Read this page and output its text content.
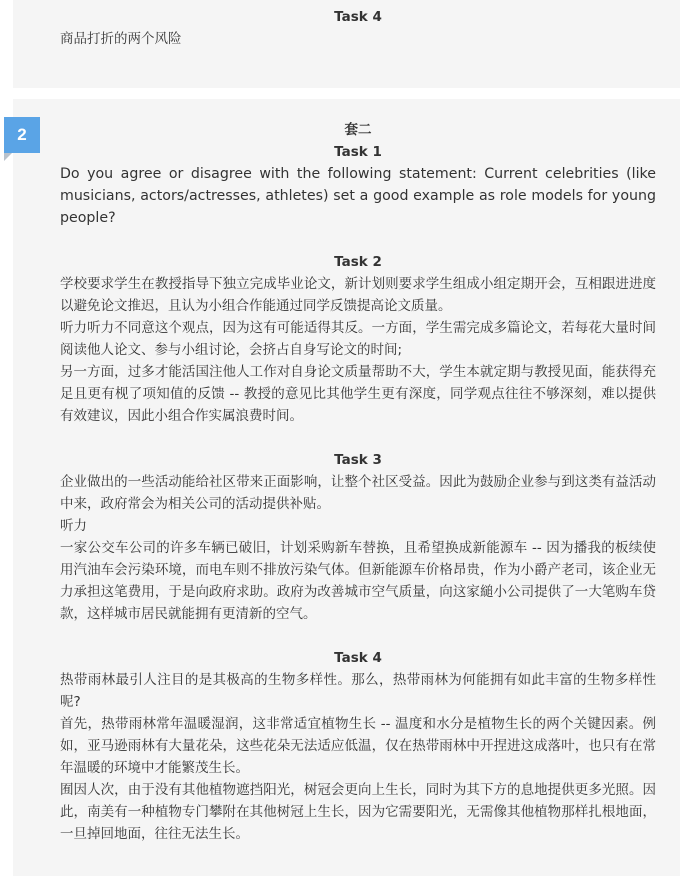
Task 4
商品打折的两个风险
套二
Task 1
Do you agree or disagree with the following statement: Current celebrities (like musicians, actors/actresses, athletes) set a good example as role models for young people?
Task 2
学校要求学生在教授指导下独立完成毕业论文，新计划则要求学生组成小组定期开会，互相跟进进度以避免论文推迟，且认为小组合作能通过同学反馈提高论文质量。
听力听力不同意这个观点，因为这有可能适得其反。一方面，学生需完成多篇论文，若每花大量时间阅读他人论文、参与小组讨论，会挤占自身写论文的时间;
另一方面，过多才能活国注他人工作对自身论文质量帮助不大，学生本就定期与教授见面，能获得充足且更有枧了项知值的反馈 -- 教授的意见比其他学生更有深度，同学观点往往不够深刻，难以提供有效建议，因此小组合作实属浪费时间。
Task 3
企业做出的一些活动能给社区带来正面影响，让整个社区受益。因此为鼓励企业参与到这类有益活动中来，政府常会为相关公司的活动提供补贴。
听力
一家公交车公司的许多车辆已破旧，计划采购新车替换，且希望换成新能源车 -- 因为播我的板续使用汽油车会污染环境，而电车则不排放污染气体。但新能源车价格昂贵，作为小爵产老司，该企业无力承担这笔费用，于是向政府求助。政府为改善城市空气质量，向这家縋小公司提供了一大笔购车贷款，这样城市居民就能拥有更清新的空气。
Task 4
热带雨林最引人注目的是其极高的生物多样性。那么，热带雨林为何能拥有如此丰富的生物多样性呢?
首先，热带雨林常年温暖湿润，这非常适宜植物生长 -- 温度和水分是植物生长的两个关键因素。例如，亚马逊雨林有大量花朵，这些花朵无法适应低温，仅在热带雨林中开捏进这成落叶，也只有在常年温暖的环境中才能繁茂生长。
囿因人次，由于没有其他植物遮挡阳光，树冠会更向上生长，同时为其下方的息地提供更多光照。因此，南美有一种植物专门攀附在其他树冠上生长，因为它需要阳光，无需像其他植物那样扎根地面，一旦掉回地面，往往无法生长。
2
